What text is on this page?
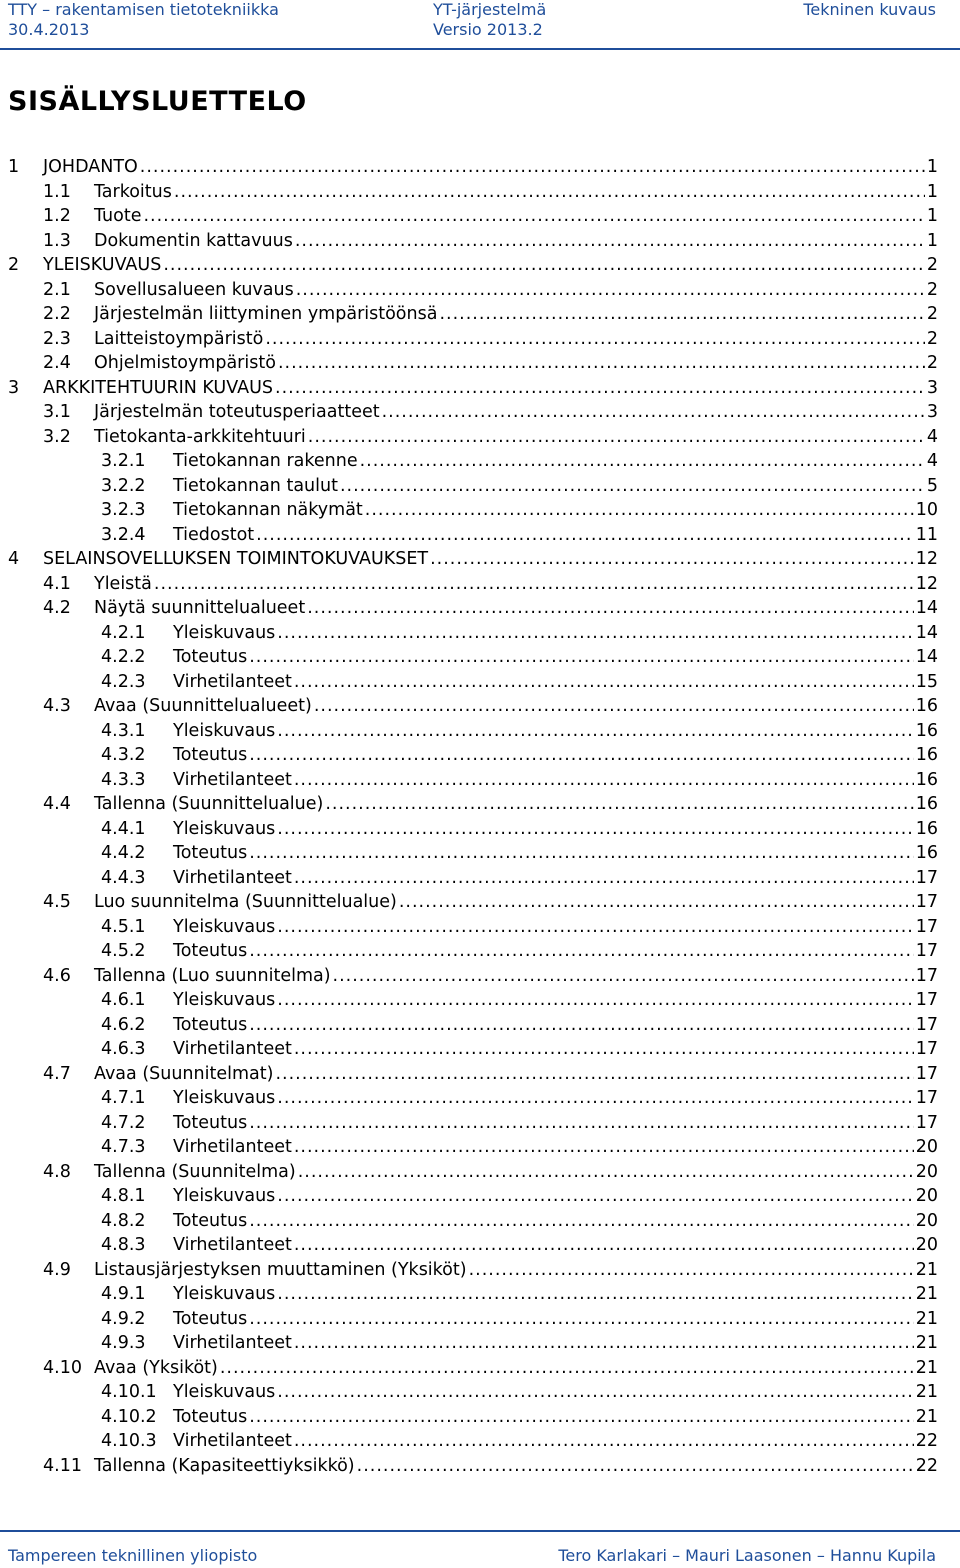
TTY – rakentamisen tietotekniikka
30.4.2013
YT-järjestelmä
Versio 2013.2
Tekninen kuvaus
SISÄLLYSLUETTELO
1	JOHDANTO .....	1
1.1	Tarkoitus .....	1
1.2	Tuote .....	1
1.3	Dokumentin kattavuus .....	1
2	YLEISKUVAUS .....	2
2.1	Sovellusalueen kuvaus .....	2
2.2	Järjestelmän liittyminen ympäristöönsä .....	2
2.3	Laitteistoympäristö .....	2
2.4	Ohjelmistoympäristö .....	2
3	ARKKITEHTUURIN KUVAUS .....	3
3.1	Järjestelmän toteutusperiaatteet .....	3
3.2	Tietokanta-arkkitehtuuri .....	4
3.2.1	Tietokannan rakenne .....	4
3.2.2	Tietokannan taulut .....	5
3.2.3	Tietokannan näkymät .....	10
3.2.4	Tiedostot .....	11
4	SELAINSOVELLUKSEN TOIMINTOKUVAUKSET .....	12
4.1	Yleistä .....	12
4.2	Näytä suunnittelualueet .....	14
4.2.1	Yleiskuvaus .....	14
4.2.2	Toteutus .....	14
4.2.3	Virhetilanteet .....	15
4.3	Avaa (Suunnittelualueet) .....	16
4.3.1	Yleiskuvaus .....	16
4.3.2	Toteutus .....	16
4.3.3	Virhetilanteet .....	16
4.4	Tallenna (Suunnittelualue) .....	16
4.4.1	Yleiskuvaus .....	16
4.4.2	Toteutus .....	16
4.4.3	Virhetilanteet .....	17
4.5	Luo suunnitelma (Suunnittelualue) .....	17
4.5.1	Yleiskuvaus .....	17
4.5.2	Toteutus .....	17
4.6	Tallenna (Luo suunnitelma) .....	17
4.6.1	Yleiskuvaus .....	17
4.6.2	Toteutus .....	17
4.6.3	Virhetilanteet .....	17
4.7	Avaa (Suunnitelmat) .....	17
4.7.1	Yleiskuvaus .....	17
4.7.2	Toteutus .....	17
4.7.3	Virhetilanteet .....	20
4.8	Tallenna (Suunnitelma) .....	20
4.8.1	Yleiskuvaus .....	20
4.8.2	Toteutus .....	20
4.8.3	Virhetilanteet .....	20
4.9	Listausjärjestyksen muuttaminen (Yksiköt) .....	21
4.9.1	Yleiskuvaus .....	21
4.9.2	Toteutus .....	21
4.9.3	Virhetilanteet .....	21
4.10 Avaa (Yksiköt) .....	21
4.10.1 Yleiskuvaus .....	21
4.10.2 Toteutus .....	21
4.10.3 Virhetilanteet .....	22
4.11 Tallenna (Kapasiteettiyksikkö) .....	22
Tampereen teknillinen yliopisto	Tero Karlakari – Mauri Laasonen – Hannu Kupila
